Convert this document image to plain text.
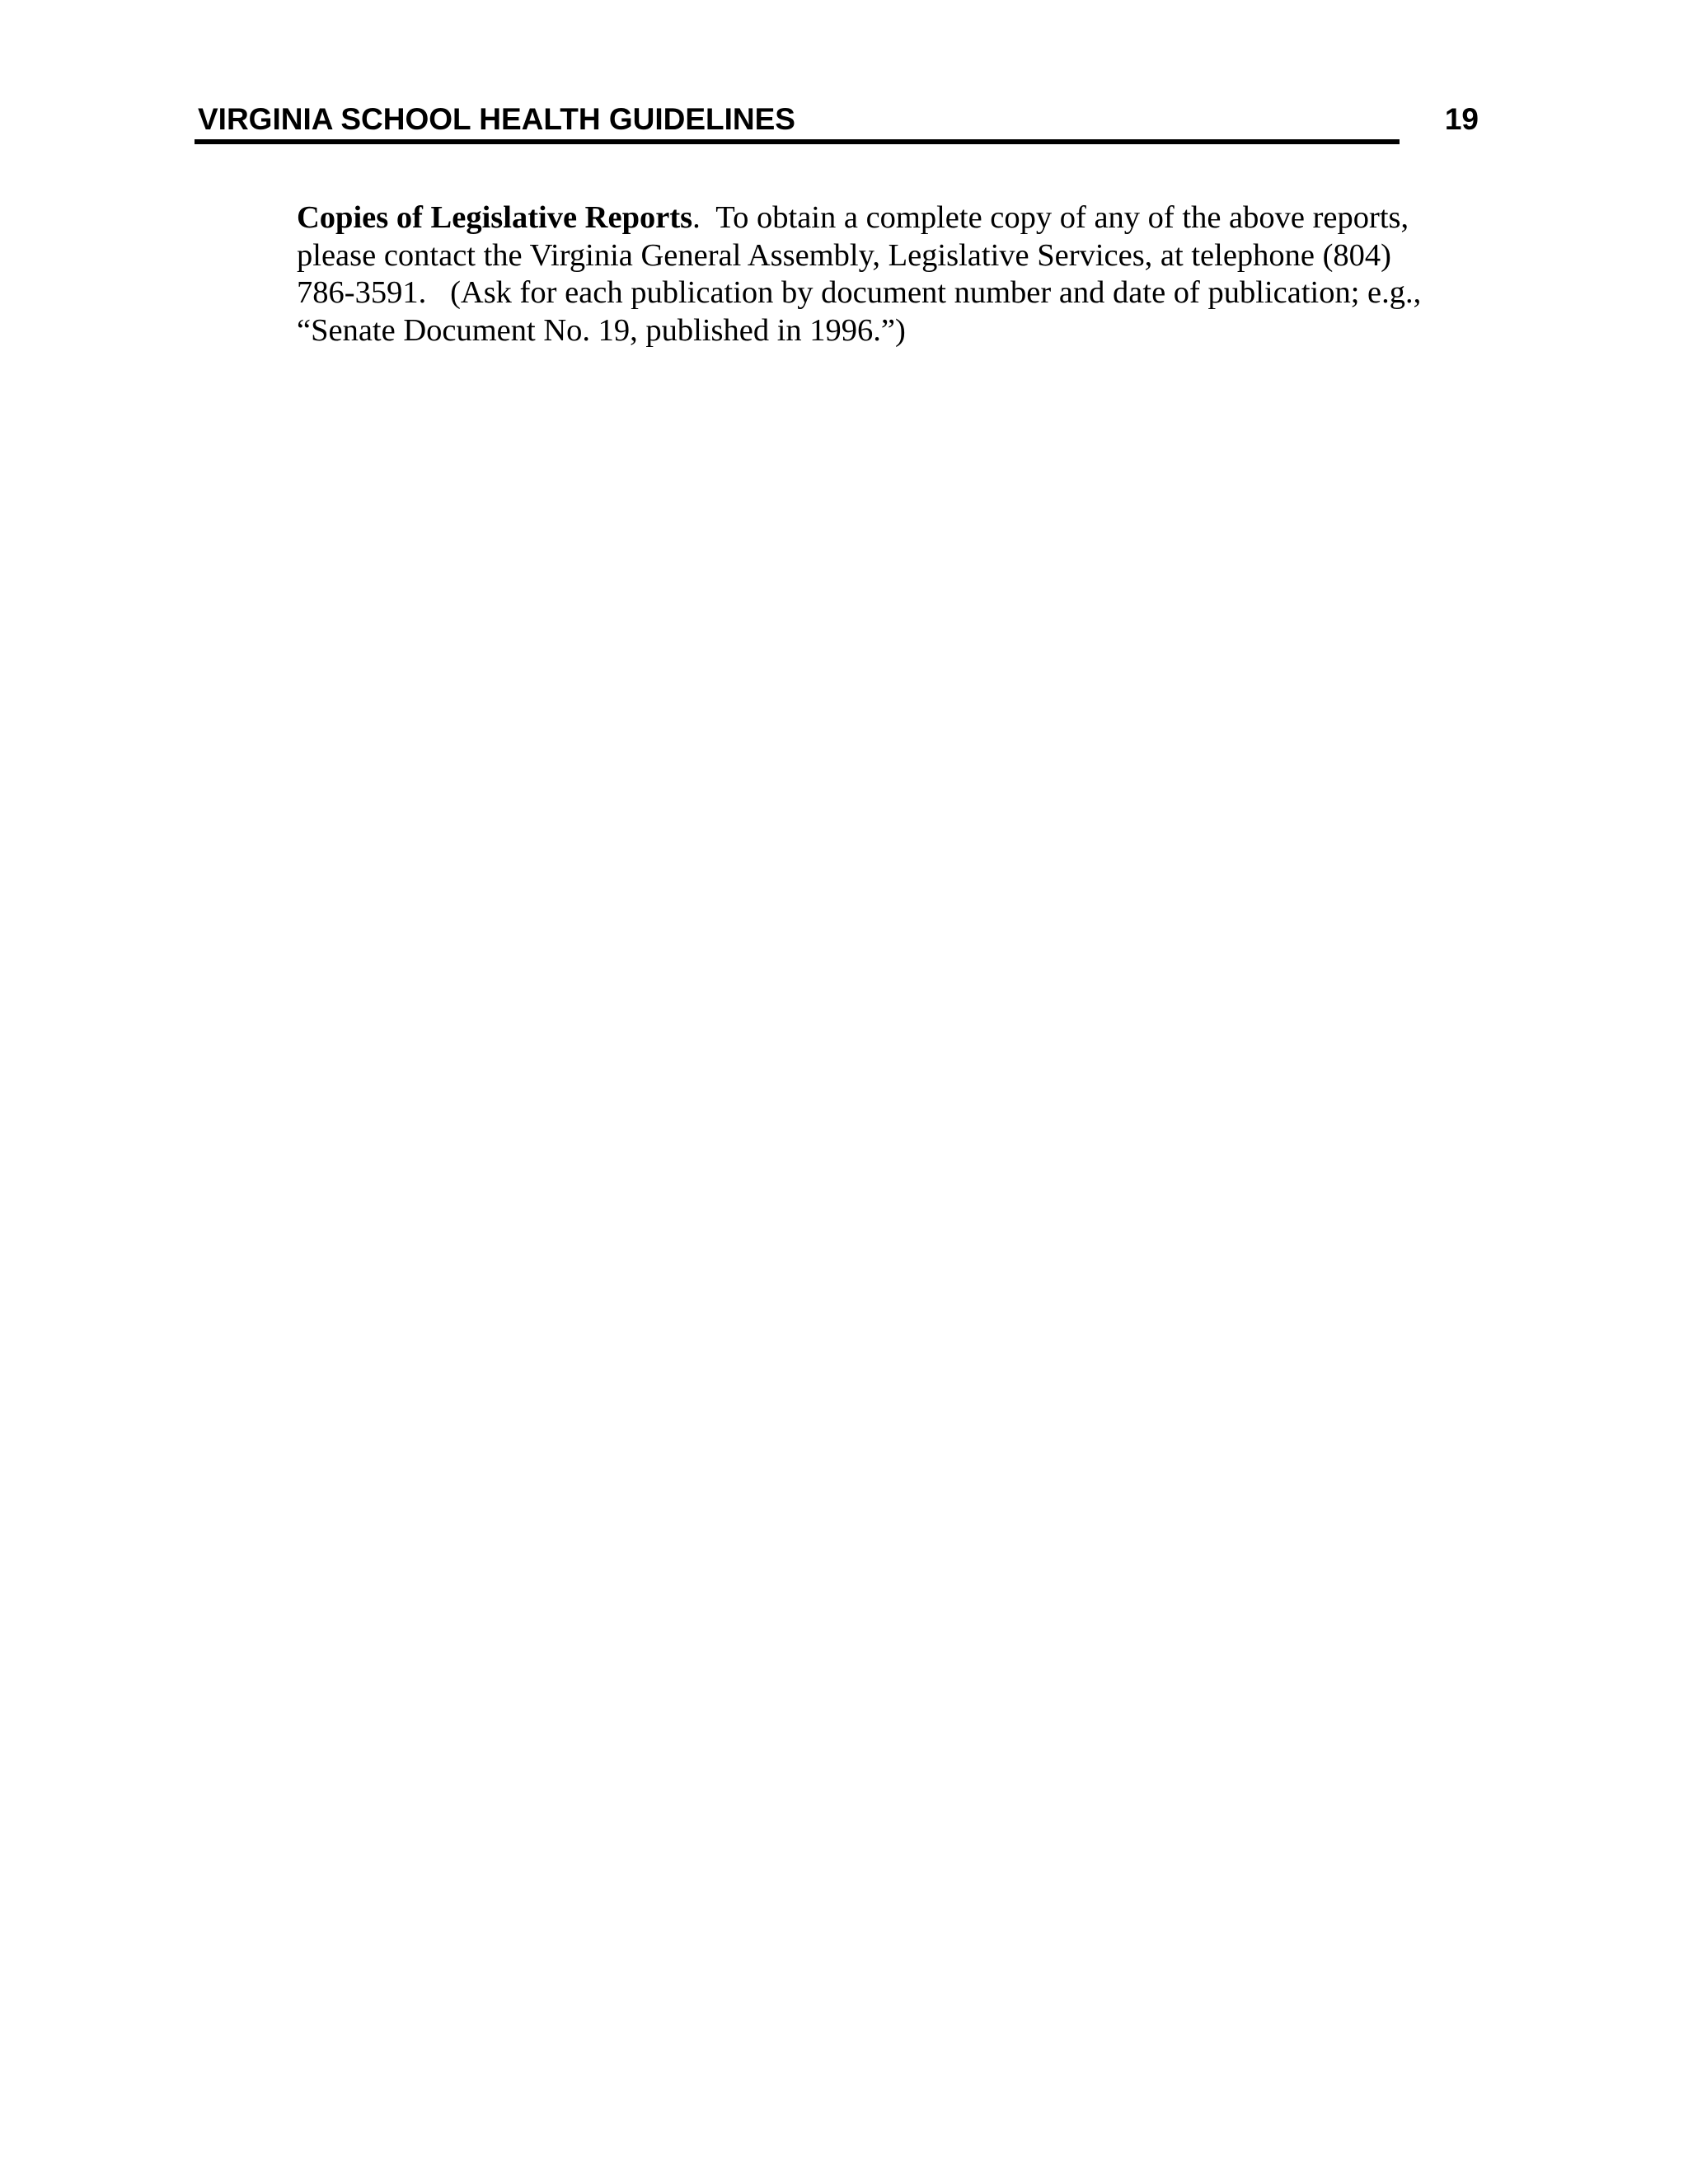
VIRGINIA SCHOOL HEALTH GUIDELINES	19

Copies of Legislative Reports.  To obtain a complete copy of any of the above reports,
please contact the Virginia General Assembly, Legislative Services, at telephone (804)
786-3591.   (Ask for each publication by document number and date of publication; e.g.,
“Senate Document No. 19, published in 1996.”)
